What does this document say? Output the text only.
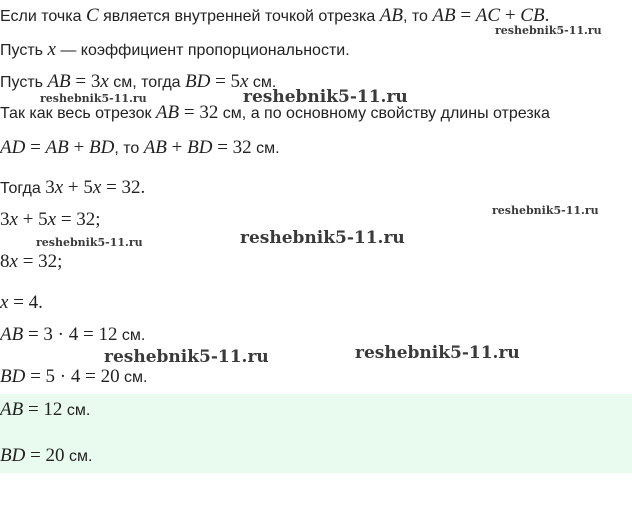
Если точка C является внутренней точкой отрезка AB, то AB = AC + CB.
Пусть x — коэффициент пропорциональности.
Пусть AB = 3x см, тогда BD = 5x см.
Так как весь отрезок AB = 32 см, а по основному свойству длины отрезка
AD = AB + BD, то AB + BD = 32 см.
Тогда 3x + 5x = 32.
3x + 5x = 32;
8x = 32;
x = 4.
AB = 3 · 4 = 12 см.
BD = 5 · 4 = 20 см.
AB = 12 см.
BD = 20 см.
reshebnik5-11.ru
reshebnik5-11.ru	reshebnik5-11.ru
reshebnik5-11.ru
reshebnik5-11.ru	reshebnik5-11.ru
reshebnik5-11.ru	reshebnik5-11.ru
